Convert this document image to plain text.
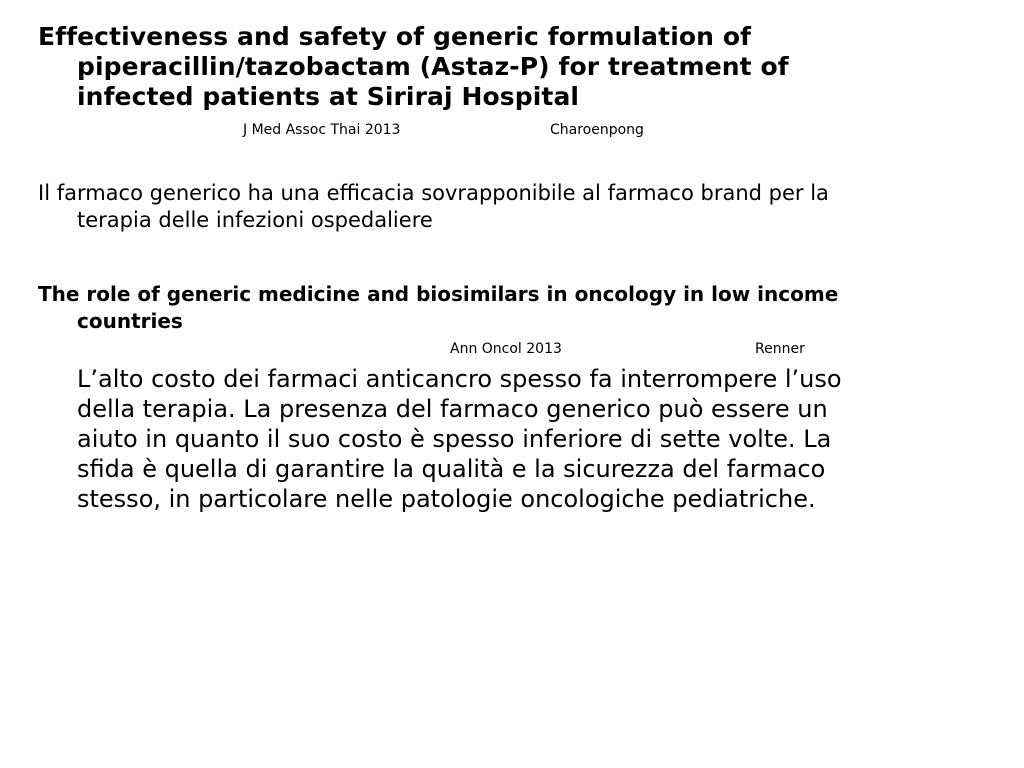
Effectiveness and safety of generic formulation of piperacillin/tazobactam (Astaz-P) for treatment of infected patients at Siriraj Hospital
J Med Assoc Thai 2013	Charoenpong
Il farmaco generico ha una efficacia sovrapponibile al farmaco brand per la terapia delle infezioni ospedaliere
The role of generic medicine and biosimilars in oncology in low income countries
Ann Oncol 2013	Renner
L’alto costo dei farmaci anticancro spesso fa interrompere l’uso della terapia. La presenza del farmaco generico può essere un aiuto in quanto il suo costo è spesso inferiore di sette volte. La sfida è quella di garantire la qualità e la sicurezza del farmaco stesso, in particolare nelle patologie oncologiche pediatriche.
